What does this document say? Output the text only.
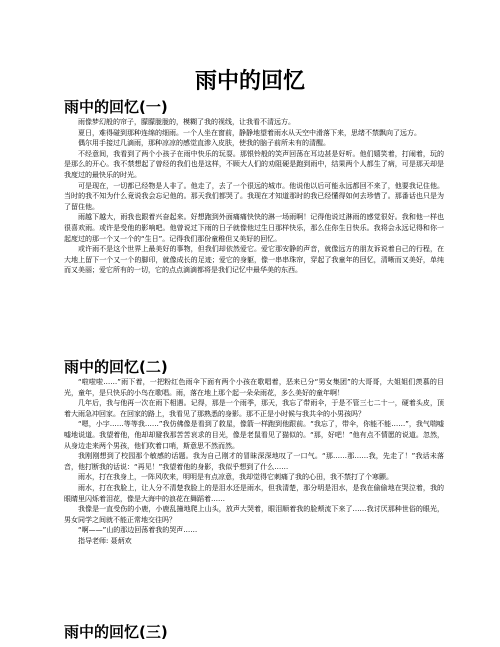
雨中的回忆
雨中的回忆(一)

雨像梦幻般的帘子，朦朦胧胧的，模糊了我的视线，让我看不清远方。

夏日，难得碰到那种连绵的细雨。一个人坐在窗前，静静地望着雨水从天空中滑落下来，思绪不禁飘向了远方。

偶尔用手接过几滴雨，那种凉凉的感觉直渗入皮肤，使我的脑子前所未有的清醒。

不经意间，我看到了两个小孩子在雨中快乐的玩耍。那银铃般的笑声回荡在耳边甚是好听。他们嬉笑着，打闹着，玩的是那么的开心。我不禁想起了曾经的我们也是这样，不顾大人们的劝阻硬是跑到雨中，结果两个人都生了病，可是那天却是我度过的最快乐的时光。

可是现在，一切都已经物是人非了。他走了，去了一个很远的城市。他说他以后可能永远都回不来了，他要我记住他。当时的我不知为什么竟说我会忘记他的。那天我们都哭了。我现在才知道那时的我已经懂得如何去珍惜了。那番话也只是为了留住他。

雨越下越大，雨我也跟着兴奋起来。好想跑到外面痛痛快快的淋一场雨啊！记得他说过淋雨的感觉很好。我和他一样也很喜欢雨。或许是受他的影响吧。他曾说过下雨的日子就像他过生日那样快乐，那么住你生日快乐。我将会永远记得和你一起度过的那一个又一个的“生日”。记得我们那份童稚但又美好的回忆。

或许雨不是这个世界上最美好的事物，但我们却依然爱它。爱它那安静的声音，就像远方的朋友诉说着自己的行程，在大地上留下一个又一个的脚印，就像成长的足迹；爱它的身躯，像一串串珠帘，穿起了我童年的回忆，清晰而又美好，单纯而又美丽；爱它所有的一切，它的点点滴滴都将是我们记忆中最华美的东西。

雨中的回忆(二)

“啦啦啦……”雨下着，一把粉红色雨伞下面有两个小孩在歌唱着，恶来已分“男女集团”的大哥哥，大姐姐们羡慕的目光，童年，是只快乐的小鸟在歌唱。雨，落在地上那个起一朵朵雨花，多么美好的童年啊！

几年后，我与他再一次在雨下相遇。记得，那是一个雨季，那天，我忘了带雨伞，于是不管三七二十一，硬着头皮，顶着大雨急冲回家。在回家的路上，我看见了那熟悉的身影。那不正是小时候与我共伞的小男孩吗？

“嗯，小宇……等等我……”我仿佛像是看到了救星，像箭一样跑到他跟前。“我忘了，带伞，你能不能……”，我气喘嘘嘘地说道。我望着他，他却却避我那苦苦哀求的目光，像是老鼠看见了猫似的。“那，好吧！”他有点不情愿的说道。忽然，从身边走来两个男孩，他们吹着口哨，斯意思不然而然。

我刚刚想到了校园那个敏感的话题。我为自己刚才的冒昧深深地叹了一口气。“那……那……我，先走了！”我话未落音，他打断我的话说：“再见！”我望着他的身影，我似乎想到了什么……

雨水，打在我身上，一阵风吹来，明明是有点凉意，我却觉得它刺痛了我的心田，我不禁打了个寒颤。

雨水，打在我脸上，让人分不清楚我脸上的是泪水还是雨水，但我清楚，那分明是泪水，是我在偷偷地在哭泣着，我的眼睛里闪烁着泪花，像是大海中的浪花在舞蹈着……

我像是一直受伤的小鹿，小鹿乱撞地爬上山头，放声大哭着，眼泪顺着我的脸颊流下来了……我讨厌那种世俗的眼光，男女同学之间就不能正常地交往吗？

“啊——”山的那边回荡着我的哭声……

指导老师: 聂炳欢

雨中的回忆(三)
